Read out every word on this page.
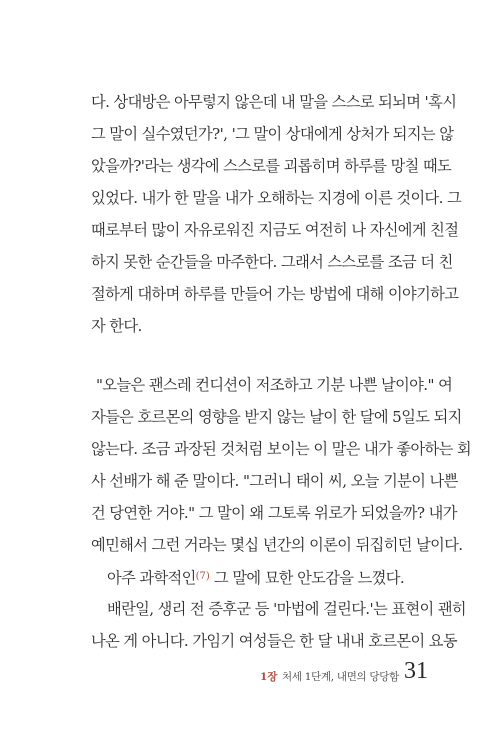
다. 상대방은 아무렇지 않은데 내 말을 스스로 되뇌며 '혹시
그 말이 실수였던가?', '그 말이 상대에게 상처가 되지는 않
았을까?'라는 생각에 스스로를 괴롭히며 하루를 망칠 때도
있었다. 내가 한 말을 내가 오해하는 지경에 이른 것이다. 그
때로부터 많이 자유로워진 지금도 여전히 나 자신에게 친절
하지 못한 순간들을 마주한다. 그래서 스스로를 조금 더 친
절하게 대하며 하루를 만들어 가는 방법에 대해 이야기하고
자 한다.
"오늘은 괜스레 컨디션이 저조하고 기분 나쁜 날이야." 여
자들은 호르몬의 영향을 받지 않는 날이 한 달에 5일도 되지
않는다. 조금 과장된 것처럼 보이는 이 말은 내가 좋아하는 회
사 선배가 해 준 말이다. "그러니 태이 씨, 오늘 기분이 나쁜
건 당연한 거야." 그 말이 왜 그토록 위로가 되었을까? 내가
예민해서 그런 거라는 몇십 년간의 이론이 뒤집히던 날이다.
아주 과학적인$^{(7)}$ 그 말에 묘한 안도감을 느꼈다.
배란일, 생리 전 증후군 등 '마법에 걸린다.'는 표현이 괜히
나온 게 아니다. 가임기 여성들은 한 달 내내 호르몬이 요동
1장 처세 1단계, 내면의 당당함 31
